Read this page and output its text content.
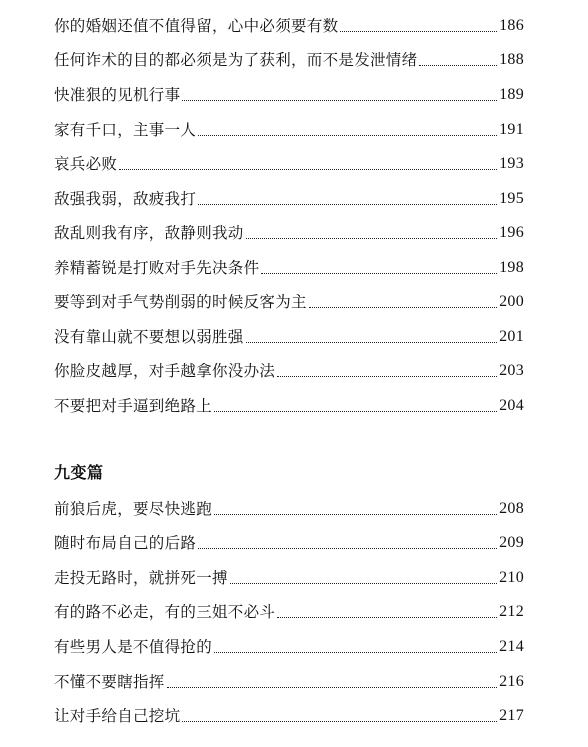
你的婚姻还值不值得留，心中必须要有数	186
任何诈术的目的都必须是为了获利，而不是发泄情绪	188
快准狠的见机行事	189
家有千口，主事一人	191
哀兵必败	193
敌强我弱，敌疲我打	195
敌乱则我有序，敌静则我动	196
养精蓄锐是打败对手先决条件	198
要等到对手气势削弱的时候反客为主	200
没有靠山就不要想以弱胜强	201
你脸皮越厚，对手越拿你没办法	203
不要把对手逼到绝路上	204
九变篇
前狼后虎，要尽快逃跑	208
随时布局自己的后路	209
走投无路时，就拼死一搏	210
有的路不必走，有的三姐不必斗	212
有些男人是不值得抢的	214
不懂不要瞎指挥	216
让对手给自己挖坑	217
